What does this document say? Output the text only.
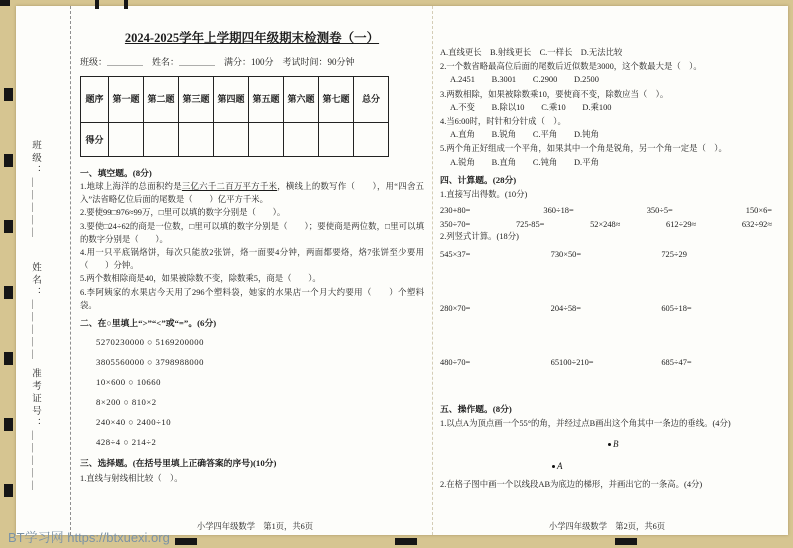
班级：＿＿＿＿＿
姓名：＿＿＿＿＿
准考证号：＿＿＿＿＿
2024-2025学年上学期四年级期末检测卷（一）
班级：＿＿＿＿　姓名：＿＿＿＿　满分：100分　考试时间：90分钟
题序	第一题	第二题	第三题	第四题	第五题	第六题	第七题	总分
得分								
一、填空题。(8分)
1.地球上海洋的总面积约是三亿六千二百万平方千米，横线上的数写作（　　），用“四舍五入”法省略亿位后面的尾数是（　　）亿平方千米。
2.要使99□976≈99万，□里可以填的数字分别是（　　）。
3.要使□24÷62的商是一位数，□里可以填的数字分别是（　　）；要使商是两位数，□里可以填的数字分别是（　　）。
4.用一只平底锅烙饼，每次只能放2张饼，烙一面要4分钟，两面都要烙，烙7张饼至少要用（　　）分钟。
5.两个数相除商是40，如果被除数不变，除数乘5，商是（　　）。
6.李阿姨家的水果店今天用了296个塑料袋，她家的水果店一个月大约要用（　　）个塑料袋。
二、在○里填上“>”“<”或“=”。(6分)
5270230000 ○ 5169200000
3805560000 ○ 3798988000
10×600 ○ 10660
8×200 ○ 810×2
240×40 ○ 2400÷10
428÷4 ○ 214÷2
三、选择题。(在括号里填上正确答案的序号)(10分)
1.直线与射线相比较（　）。
A.直线更长　B.射线更长　C.一样长　D.无法比较
2.一个数省略最高位后面的尾数后近似数是3000，这个数最大是（　）。
A.2451　　B.3001　　C.2900　　D.2500
3.两数相除，如果被除数乘10，要使商不变，除数应当（　）。
A.不变　　B.除以10　　C.乘10　　D.乘100
4.当6:00时，时针和分针成（　）。
A.直角　　B.锐角　　C.平角　　D.钝角
5.两个角正好组成一个平角，如果其中一个角是锐角，另一个角一定是（　）。
A.锐角　　B.直角　　C.钝角　　D.平角
四、计算题。(28分)
1.直接写出得数。(10分)
230+80=	360÷18=	350÷5=	150×6=
350÷70=	725-85=	52×248≈	612÷29≈	632÷92≈
2.列竖式计算。(18分)
545×37=	730×50=	725÷29
280×70=	204÷58=	605÷18=
480÷70=	65100÷210=	685÷47=
五、操作题。(8分)
1.以点A为顶点画一个55°的角，并经过点B画出这个角其中一条边的垂线。(4分)
B
A
2.在格子图中画一个以线段AB为底边的梯形，并画出它的一条高。(4分)
小学四年级数学　第1页，共6页	小学四年级数学　第2页，共6页
BT学习网 https://btxuexi.org
